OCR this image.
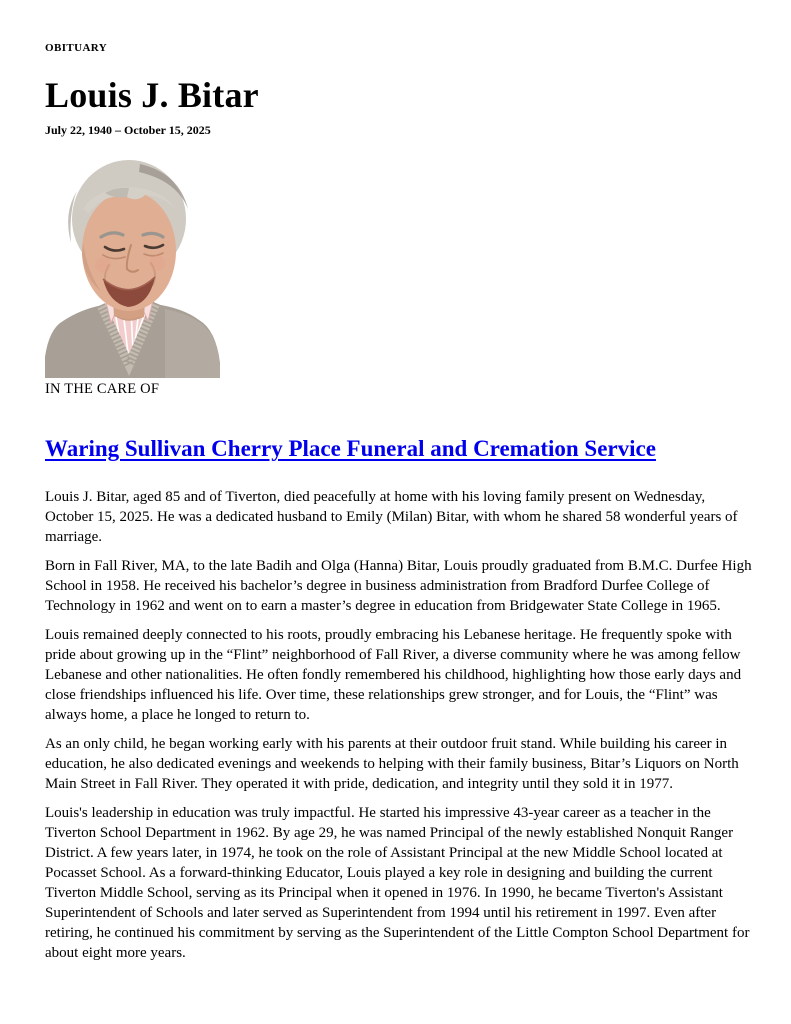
OBITUARY
Louis J. Bitar
July 22, 1940 – October 15, 2025
IN THE CARE OF
Waring Sullivan Cherry Place Funeral and Cremation Service

Louis J. Bitar, aged 85 and of Tiverton, died peacefully at home with his loving family present on Wednesday, October 15, 2025. He was a dedicated husband to Emily (Milan) Bitar, with whom he shared 58 wonderful years of marriage.

Born in Fall River, MA, to the late Badih and Olga (Hanna) Bitar, Louis proudly graduated from B.M.C. Durfee High School in 1958. He received his bachelor’s degree in business administration from Bradford Durfee College of Technology in 1962 and went on to earn a master’s degree in education from Bridgewater State College in 1965.

Louis remained deeply connected to his roots, proudly embracing his Lebanese heritage. He frequently spoke with pride about growing up in the “Flint” neighborhood of Fall River, a diverse community where he was among fellow Lebanese and other nationalities. He often fondly remembered his childhood, highlighting how those early days and close friendships influenced his life. Over time, these relationships grew stronger, and for Louis, the “Flint” was always home, a place he longed to return to.

As an only child, he began working early with his parents at their outdoor fruit stand. While building his career in education, he also dedicated evenings and weekends to helping with their family business, Bitar’s Liquors on North Main Street in Fall River. They operated it with pride, dedication, and integrity until they sold it in 1977.

Louis's leadership in education was truly impactful. He started his impressive 43-year career as a teacher in the Tiverton School Department in 1962. By age 29, he was named Principal of the newly established Nonquit Ranger District. A few years later, in 1974, he took on the role of Assistant Principal at the new Middle School located at Pocasset School. As a forward-thinking Educator, Louis played a key role in designing and building the current Tiverton Middle School, serving as its Principal when it opened in 1976. In 1990, he became Tiverton's Assistant Superintendent of Schools and later served as Superintendent from 1994 until his retirement in 1997. Even after retiring, he continued his commitment by serving as the Superintendent of the Little Compton School Department for about eight more years.
